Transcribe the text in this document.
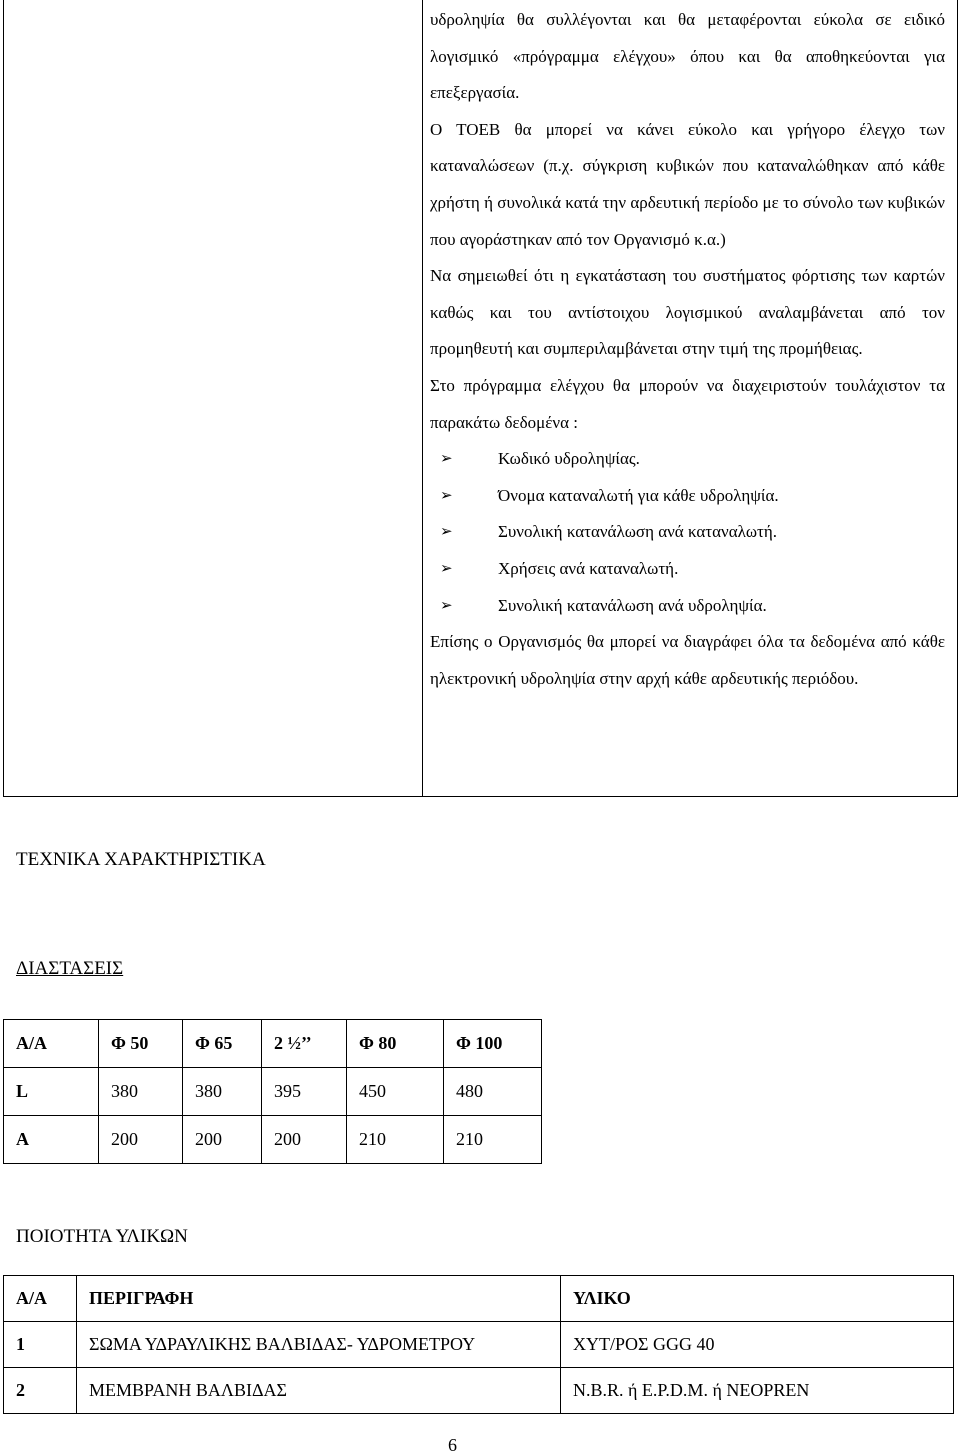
υδροληψία θα συλλέγονται και θα μεταφέρονται εύκολα σε ειδικό λογισμικό «πρόγραμμα ελέγχου» όπου και θα αποθηκεύονται για επεξεργασία.

Ο ΤΟΕΒ θα μπορεί να κάνει εύκολο και γρήγορο έλεγχο των καταναλώσεων (π.χ. σύγκριση κυβικών που καταναλώθηκαν από κάθε χρήστη ή συνολικά κατά την αρδευτική περίοδο με το σύνολο των κυβικών που αγοράστηκαν από τον Οργανισμό κ.α.)

Να σημειωθεί ότι η εγκατάσταση του συστήματος φόρτισης των καρτών καθώς και του αντίστοιχου λογισμικού αναλαμβάνεται από τον προμηθευτή και συμπεριλαμβάνεται στην τιμή της προμήθειας.

Στο πρόγραμμα ελέγχου θα μπορούν να διαχειριστούν τουλάχιστον τα παρακάτω δεδομένα :

➢	Κωδικό υδροληψίας.
➢	Όνομα καταναλωτή για κάθε υδροληψία.
➢	Συνολική κατανάλωση ανά καταναλωτή.
➢	Χρήσεις ανά καταναλωτή.
➢	Συνολική κατανάλωση ανά υδροληψία.

Επίσης ο Οργανισμός θα μπορεί να διαγράφει όλα τα δεδομένα από κάθε ηλεκτρονική υδροληψία στην αρχή κάθε αρδευτικής περιόδου.

ΤΕΧΝΙΚΑ ΧΑΡΑΚΤΗΡΙΣΤΙΚΑ
ΔΙΑΣΤΑΣΕΙΣ
Α/Α	Φ 50	Φ 65	2 ½’’	Φ 80	Φ 100
L	380	380	395	450	480
A	200	200	200	210	210
ΠΟΙΟΤΗΤΑ ΥΛΙΚΩΝ
Α/Α	ΠΕΡΙΓΡΑΦΗ	ΥΛΙΚΟ
1	ΣΩΜΑ ΥΔΡΑΥΛΙΚΗΣ ΒΑΛΒΙΔΑΣ- ΥΔΡΟΜΕΤΡΟΥ	ΧΥΤ/ΡΟΣ GGG 40
2	ΜΕΜΒΡΑΝΗ ΒΑΛΒΙΔΑΣ	N.B.R. ή E.P.D.M. ή NEOPREN
6
